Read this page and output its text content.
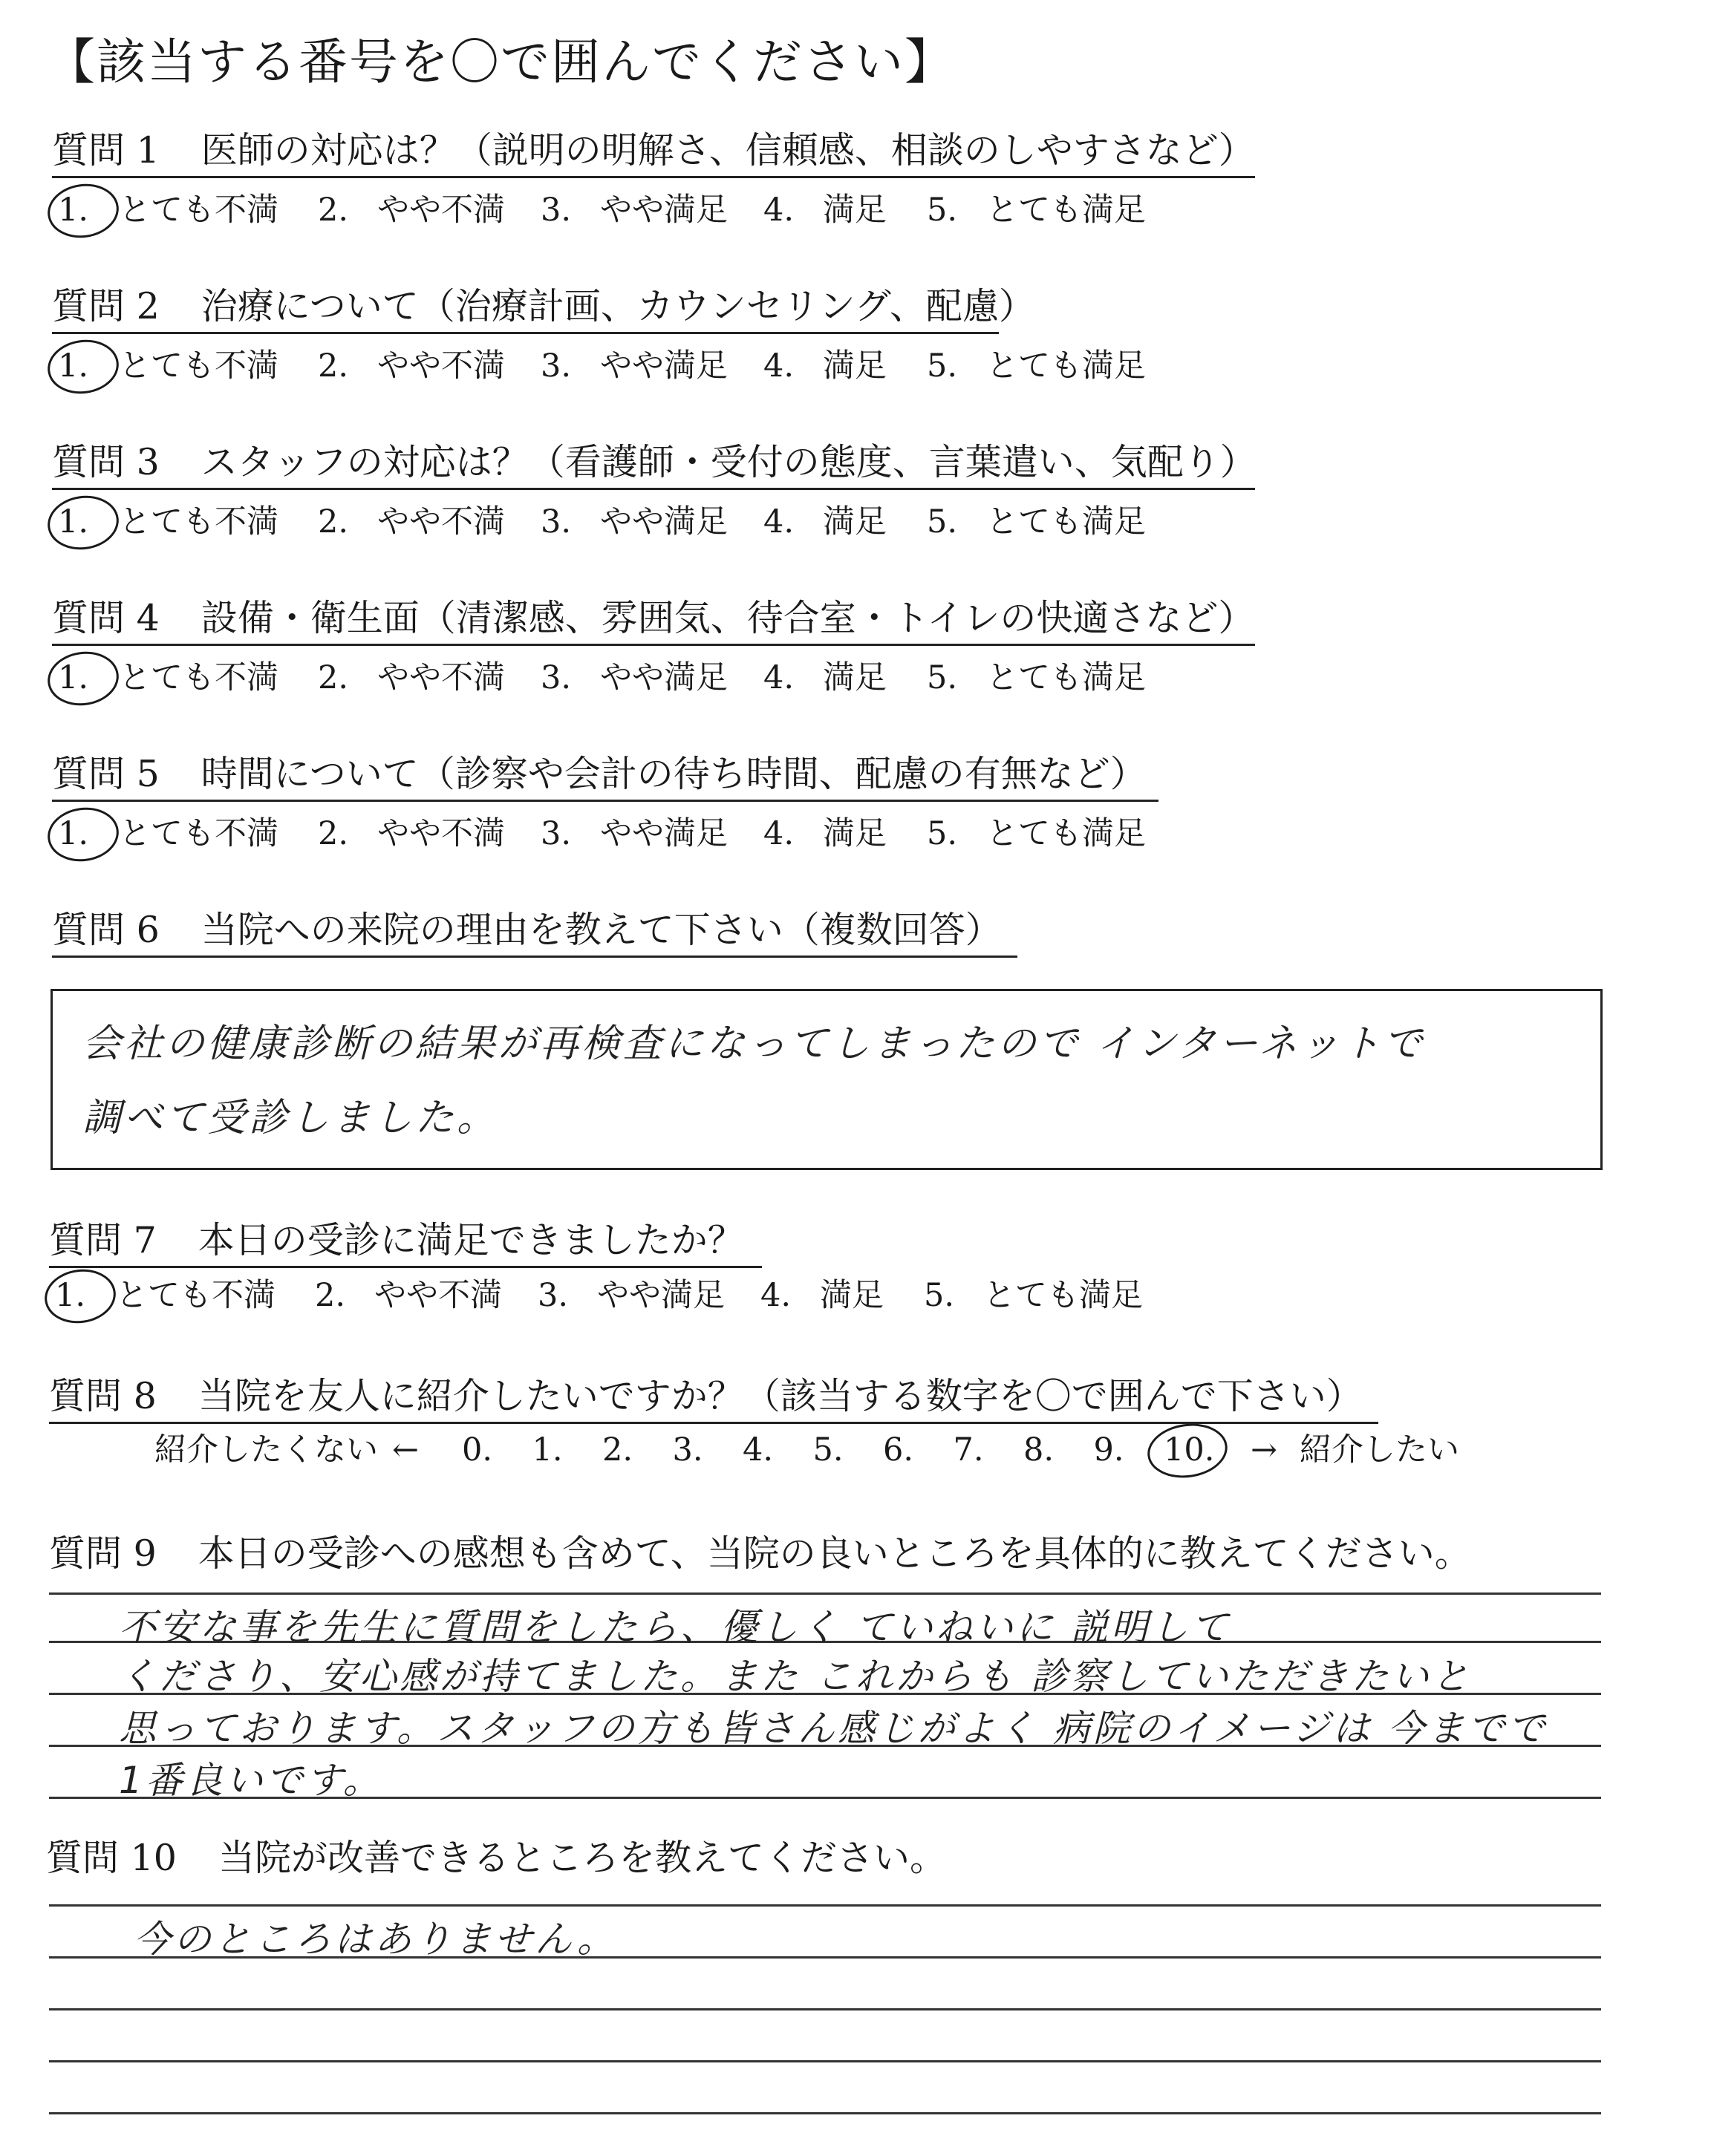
【該当する番号を〇で囲んでください】
質問 1 医師の対応は？（説明の明解さ、信頼感、相談のしやすさなど）
1. とても不満 2. やや不満 3. やや満足 4. 満足 5. とても満足
質問 2 治療について（治療計画、カウンセリング、配慮）
1. とても不満 2. やや不満 3. やや満足 4. 満足 5. とても満足
質問 3 スタッフの対応は？（看護師・受付の態度、言葉遣い、気配り）
1. とても不満 2. やや不満 3. やや満足 4. 満足 5. とても満足
質問 4 設備・衛生面（清潔感、雰囲気、待合室・トイレの快適さなど）
1. とても不満 2. やや不満 3. やや満足 4. 満足 5. とても満足
質問 5 時間について（診察や会計の待ち時間、配慮の有無など）
1. とても不満 2. やや不満 3. やや満足 4. 満足 5. とても満足
質問 6 当院への来院の理由を教えて下さい（複数回答）
会社の健康診断の結果が再検査になってしまったので インターネットで
調べて受診しました。
質問 7 本日の受診に満足できましたか？
1. とても不満 2. やや不満 3. やや満足 4. 満足 5. とても満足
質問 8 当院を友人に紹介したいですか？（該当する数字を〇で囲んで下さい）
紹介したくない ←	→ 紹介したい
0. 1. 2. 3. 4. 5. 6. 7. 8. 9. 10.
質問 9 本日の受診への感想も含めて、当院の良いところを具体的に教えてください。
不安な事を先生に質問をしたら、優しく ていねいに 説明して
くださり、安心感が持てました。また これからも 診察していただきたいと
思っております。スタッフの方も皆さん感じがよく 病院のイメージは 今までで
1番良いです。
質問 10 当院が改善できるところを教えてください。
今のところはありません。
